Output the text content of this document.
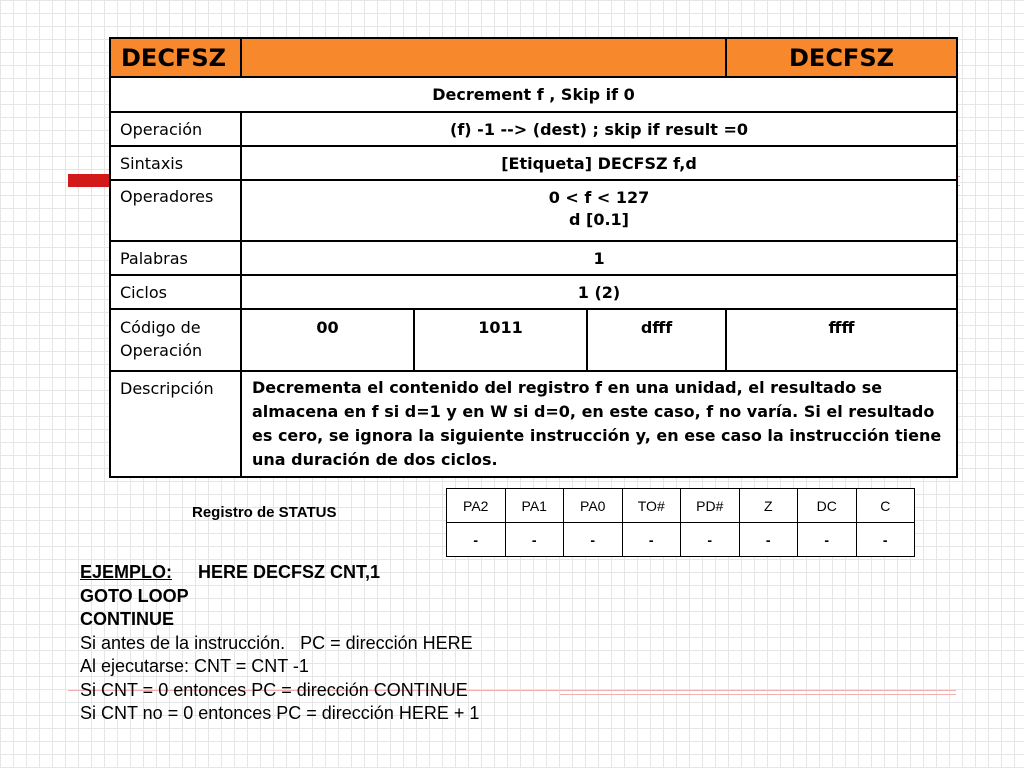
DECFSZ				DECFSZ
Decrement f , Skip if 0				
Operación	(f) -1 --> (dest) ; skip if result =0			
Sintaxis	[Etiqueta] DECFSZ f,d			
Operadores	0 < f < 127
d [0.1]			

Palabras	1			
Ciclos	1 (2)			

Código de
Operación	00	1011	dfff	ffff
Descripción	Decrementa el contenido del registro f en una unidad, el resultado se almacena en f si d=1 y en W si d=0, en este caso, f no varía. Si el resultado es cero, se ignora la siguiente instrucción y, en ese caso la instrucción tiene una duración de dos ciclos.			
Registro de STATUS	PA2	PA1	PA0	TO#	PD#	Z	DC	C
-	-	-	-	-	-	-	-
EJEMPLO: HERE DECFSZ CNT,1
GOTO LOOP
CONTINUE
Si antes de la instrucción.   PC = dirección HERE
Al ejecutarse: CNT = CNT -1
Si CNT = 0 entonces PC = dirección CONTINUE
Si CNT no = 0 entonces PC = dirección HERE + 1
